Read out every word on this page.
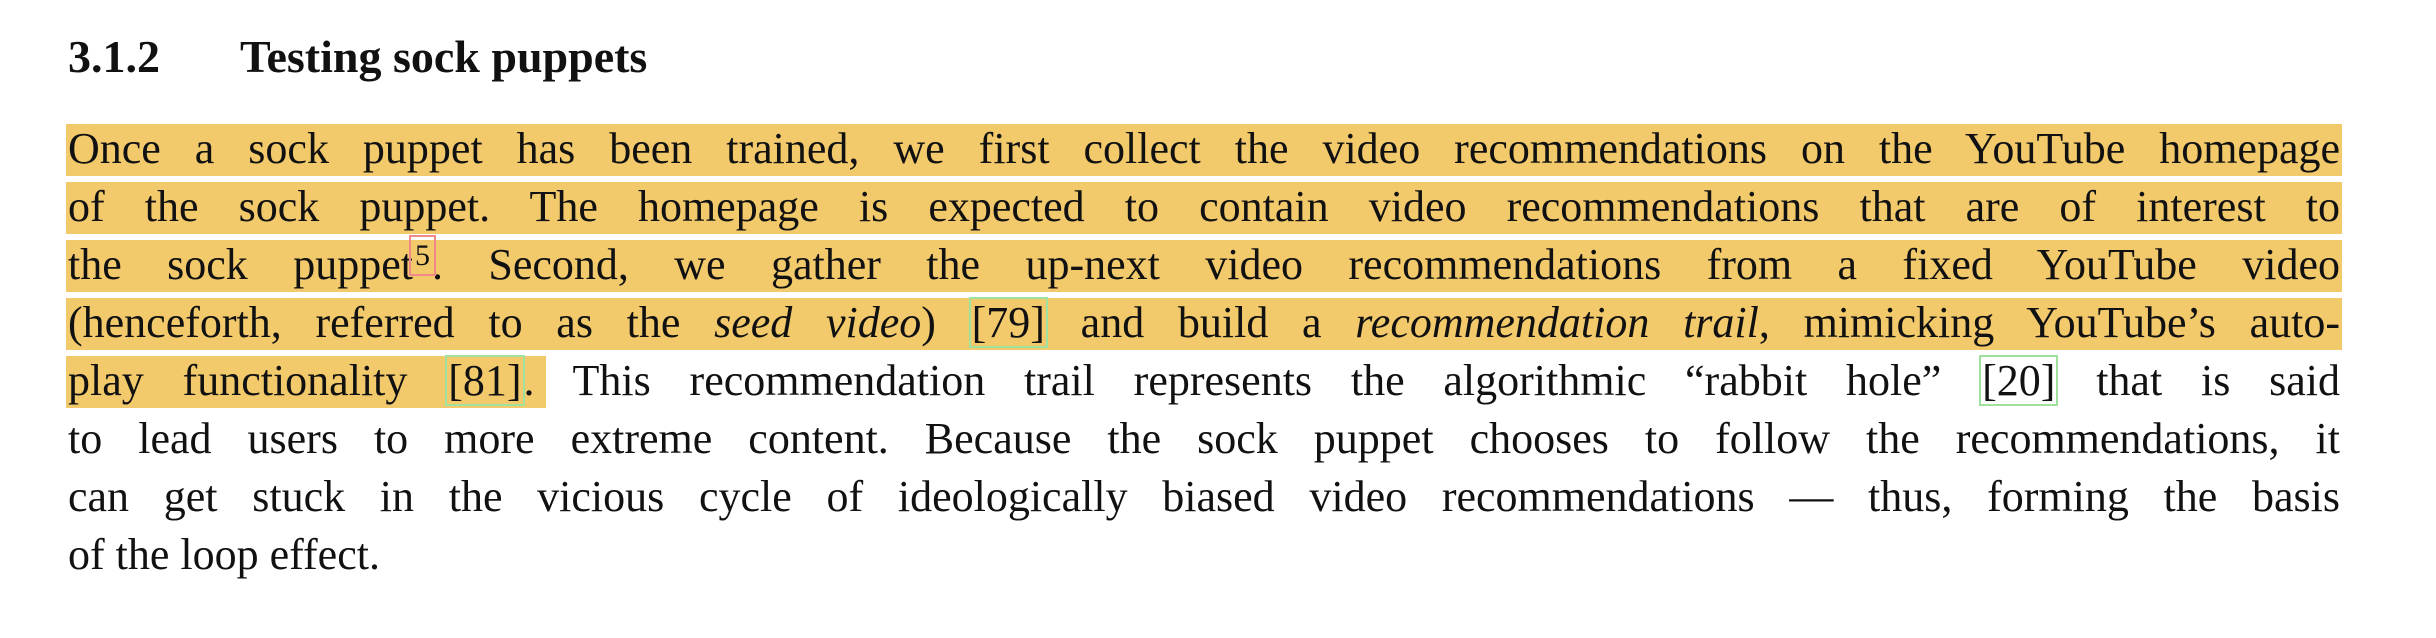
3.1.2 Testing sock puppets
Once a sock puppet has been trained, we first collect the video recommendations on the YouTube homepage
of the sock puppet. The homepage is expected to contain video recommendations that are of interest to
the sock puppet$^5$. Second, we gather the up-next video recommendations from a fixed YouTube video
(henceforth, referred to as the seed video) [79] and build a recommendation trail, mimicking YouTube’s auto-
play functionality [81]. This recommendation trail represents the algorithmic “rabbit hole” [20] that is said
to lead users to more extreme content. Because the sock puppet chooses to follow the recommendations, it
can get stuck in the vicious cycle of ideologically biased video recommendations — thus, forming the basis
of the loop effect.
